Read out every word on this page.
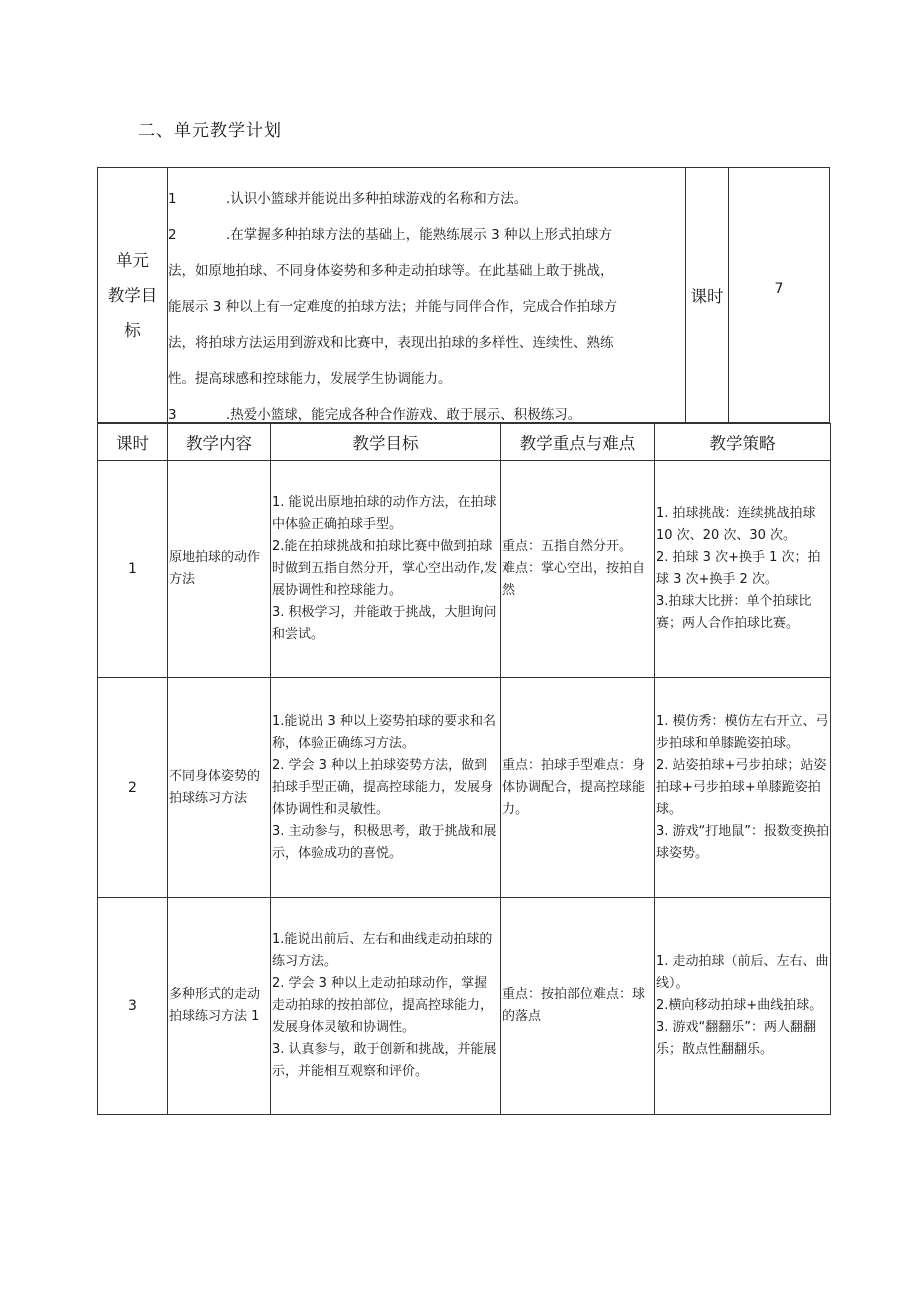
二、单元教学计划
单元
教学目
标
1	.认识小篮球并能说出多种拍球游戏的名称和方法。
2	.在掌握多种拍球方法的基础上，能熟练展示 3 种以上形式拍球方
法，如原地拍球、不同身体姿势和多种走动拍球等。在此基础上敢于挑战，
能展示 3 种以上有一定难度的拍球方法；并能与同伴合作，完成合作拍球方
法，将拍球方法运用到游戏和比赛中，表现出拍球的多样性、连续性、熟练
性。提高球感和控球能力，发展学生协调能力。
3	.热爱小篮球，能完成各种合作游戏、敢于展示、积极练习。
课时	7
课时	教学内容	教学目标	教学重点与难点	教学策略
1	原地拍球的动作方法	1. 能说出原地拍球的动作方法，在拍球中体验正确拍球手型。
2.能在拍球挑战和拍球比赛中做到拍球时做到五指自然分开，掌心空出动作,发展协调性和控球能力。
3. 积极学习，并能敢于挑战，大胆询问和尝试。	重点：五指自然分开。
难点：掌心空出，按拍自然	1. 拍球挑战：连续挑战拍球 10 次、20 次、30 次。
2. 拍球 3 次+换手 1 次；拍球 3 次+换手 2 次。
3.拍球大比拼：单个拍球比赛；两人合作拍球比赛。

2	不同身体姿势的拍球练习方法	1.能说出 3 种以上姿势拍球的要求和名称，体验正确练习方法。
2. 学会 3 种以上拍球姿势方法，做到拍球手型正确，提高控球能力，发展身体协调性和灵敏性。
3. 主动参与，积极思考，敢于挑战和展示，体验成功的喜悦。	重点：拍球手型难点：身体协调配合，提高控球能力。	1. 模仿秀：模仿左右开立、弓步拍球和单膝跪姿拍球。
2. 站姿拍球+弓步拍球；站姿拍球+弓步拍球+单膝跪姿拍球。
3. 游戏“打地鼠”：报数变换拍球姿势。

3	多种形式的走动拍球练习方法 1	1.能说出前后、左右和曲线走动拍球的练习方法。
2. 学会 3 种以上走动拍球动作，掌握走动拍球的按拍部位，提高控球能力，发展身体灵敏和协调性。
3. 认真参与，敢于创新和挑战，并能展示，并能相互观察和评价。	重点：按拍部位难点：球的落点	1. 走动拍球（前后、左右、曲线）。
2.横向移动拍球+曲线拍球。
3. 游戏“翻翻乐”：两人翻翻乐；散点性翻翻乐。
